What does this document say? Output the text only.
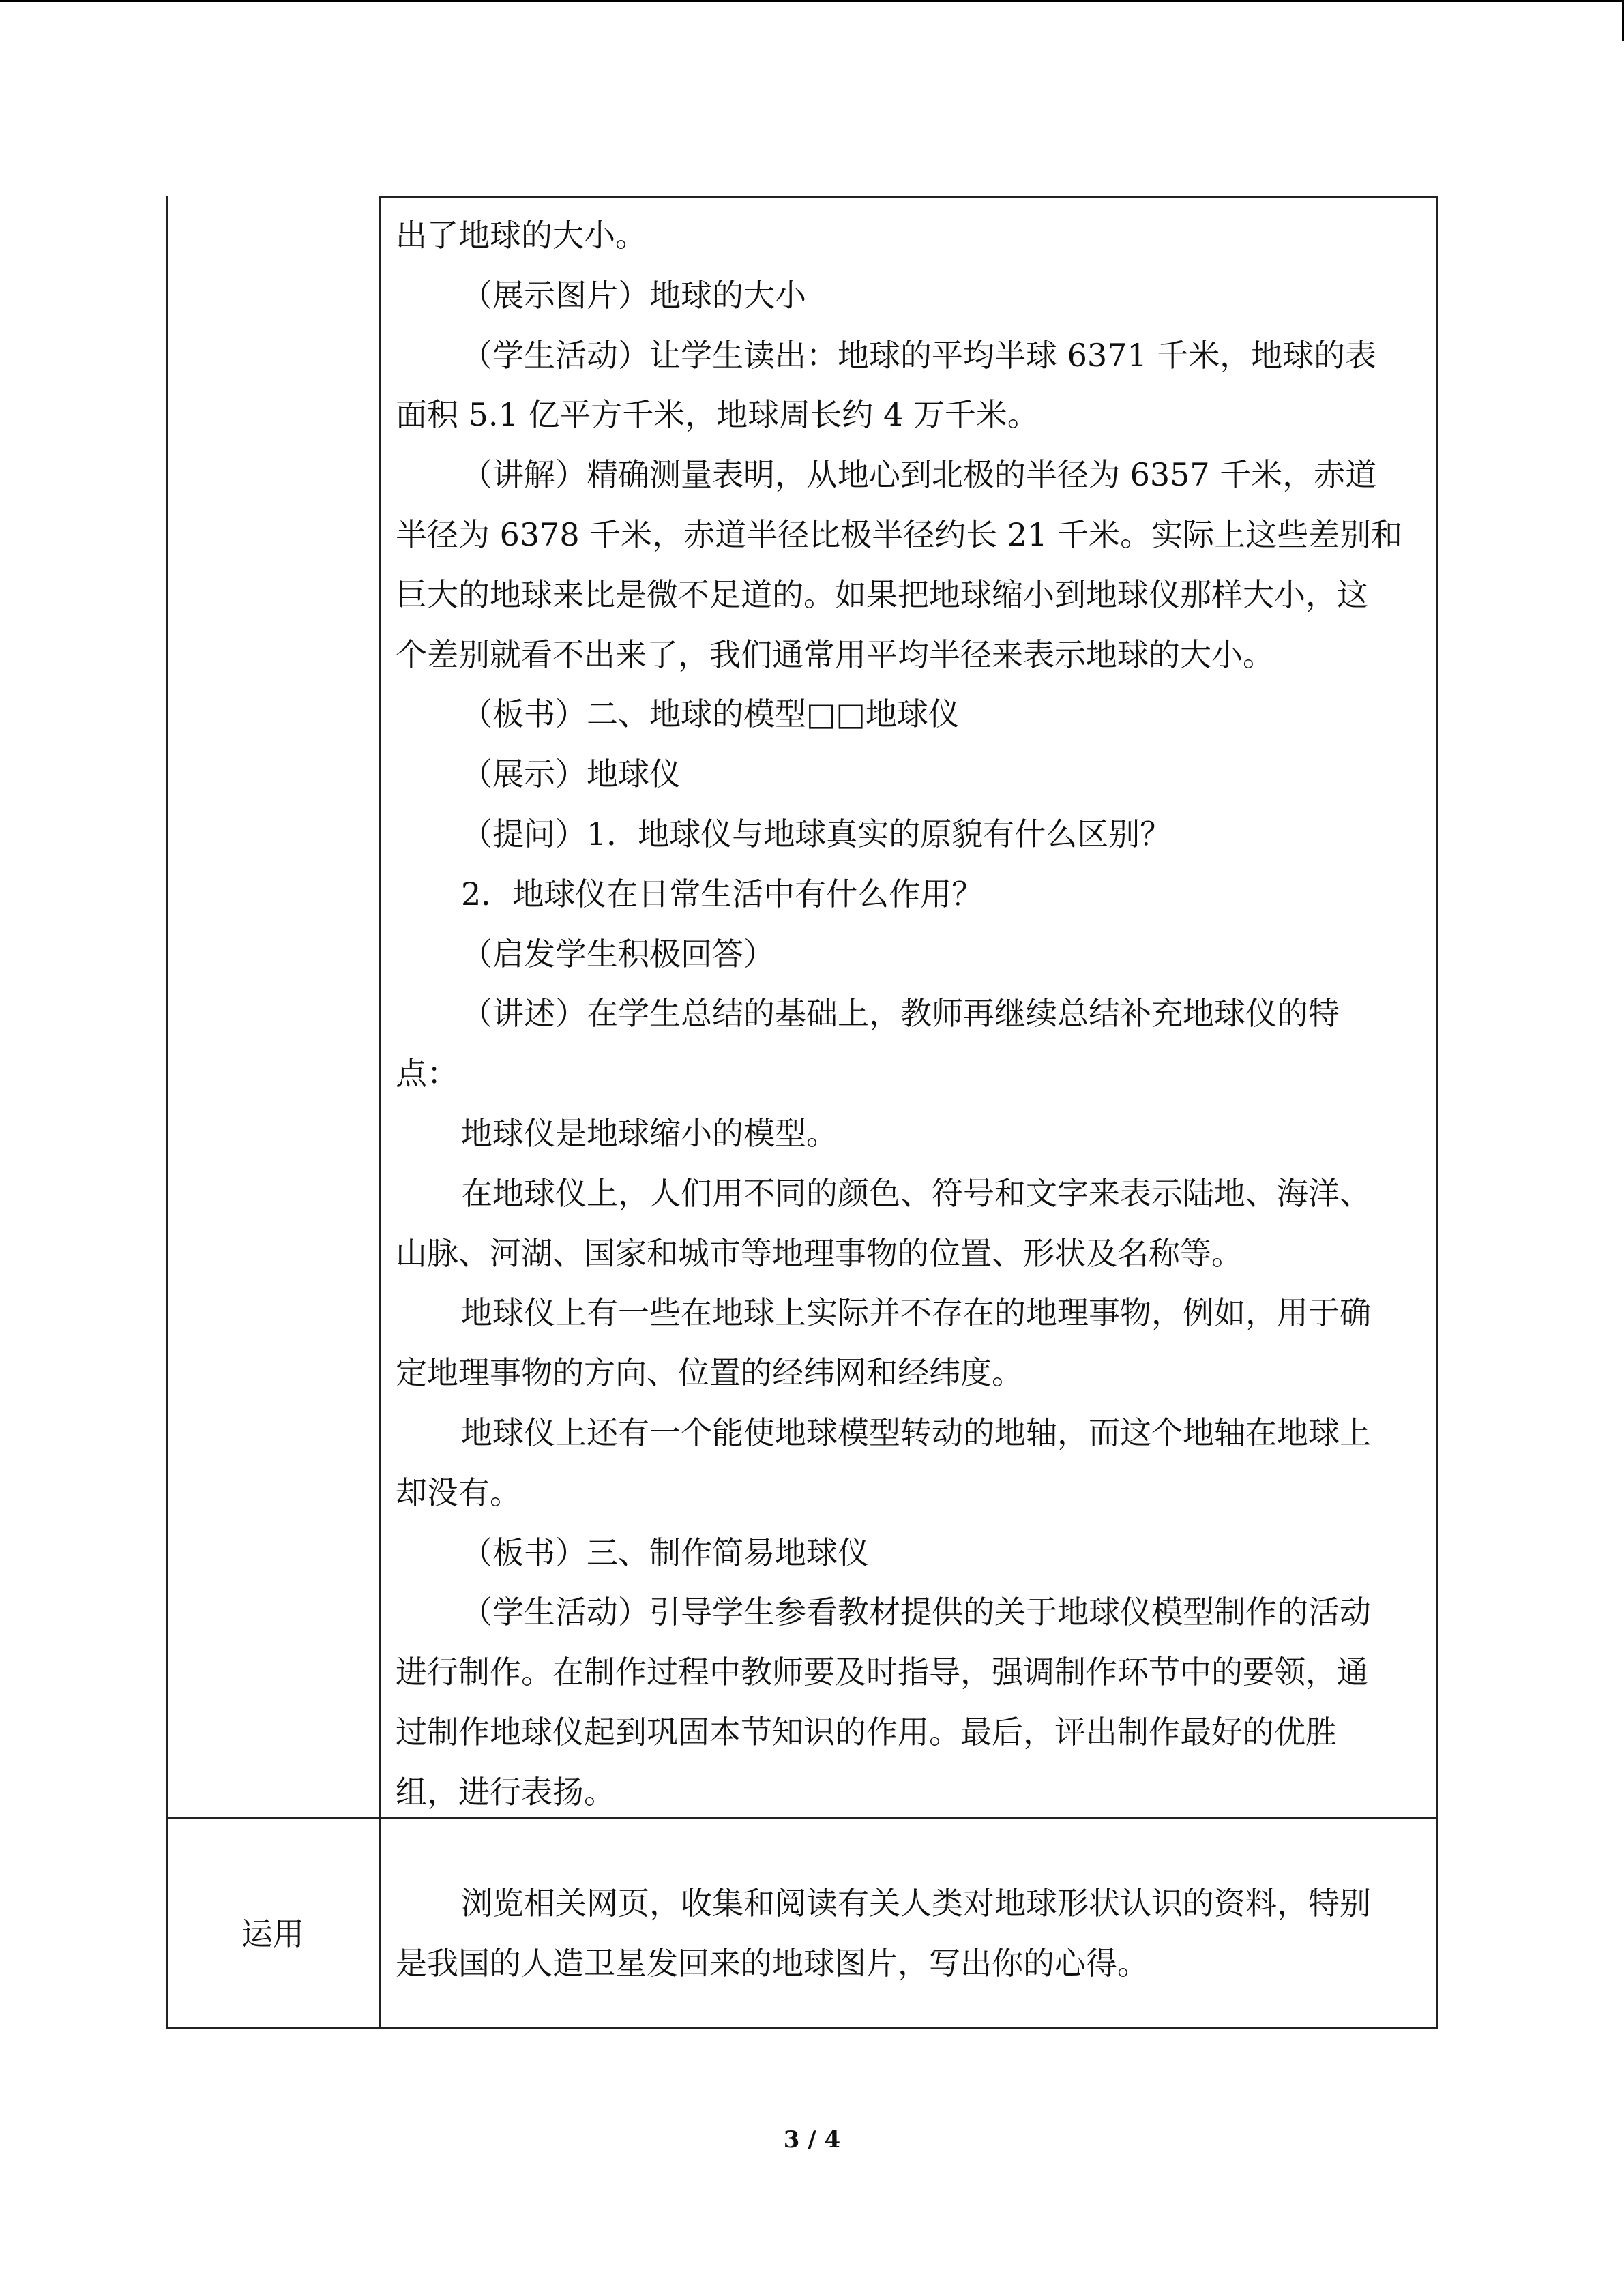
出了地球的大小。
（展示图片）地球的大小
（学生活动）让学生读出：地球的平均半球 6371 千米，地球的表
面积 5.1 亿平方千米，地球周长约 4 万千米。
（讲解）精确测量表明，从地心到北极的半径为 6357 千米，赤道
半径为 6378 千米，赤道半径比极半径约长 21 千米。实际上这些差别和
巨大的地球来比是微不足道的。如果把地球缩小到地球仪那样大小，这
个差别就看不出来了，我们通常用平均半径来表示地球的大小。
（板书）二、地球的模型□□地球仪
（展示）地球仪
（提问）1．地球仪与地球真实的原貌有什么区别？
2．地球仪在日常生活中有什么作用？
（启发学生积极回答）
（讲述）在学生总结的基础上，教师再继续总结补充地球仪的特
点：
地球仪是地球缩小的模型。
在地球仪上，人们用不同的颜色、符号和文字来表示陆地、海洋、
山脉、河湖、国家和城市等地理事物的位置、形状及名称等。
地球仪上有一些在地球上实际并不存在的地理事物，例如，用于确
定地理事物的方向、位置的经纬网和经纬度。
地球仪上还有一个能使地球模型转动的地轴，而这个地轴在地球上
却没有。
（板书）三、制作简易地球仪
（学生活动）引导学生参看教材提供的关于地球仪模型制作的活动
进行制作。在制作过程中教师要及时指导，强调制作环节中的要领，通
过制作地球仪起到巩固本节知识的作用。最后，评出制作最好的优胜
组，进行表扬。
运用
浏览相关网页，收集和阅读有关人类对地球形状认识的资料，特别
是我国的人造卫星发回来的地球图片，写出你的心得。
3 / 4
